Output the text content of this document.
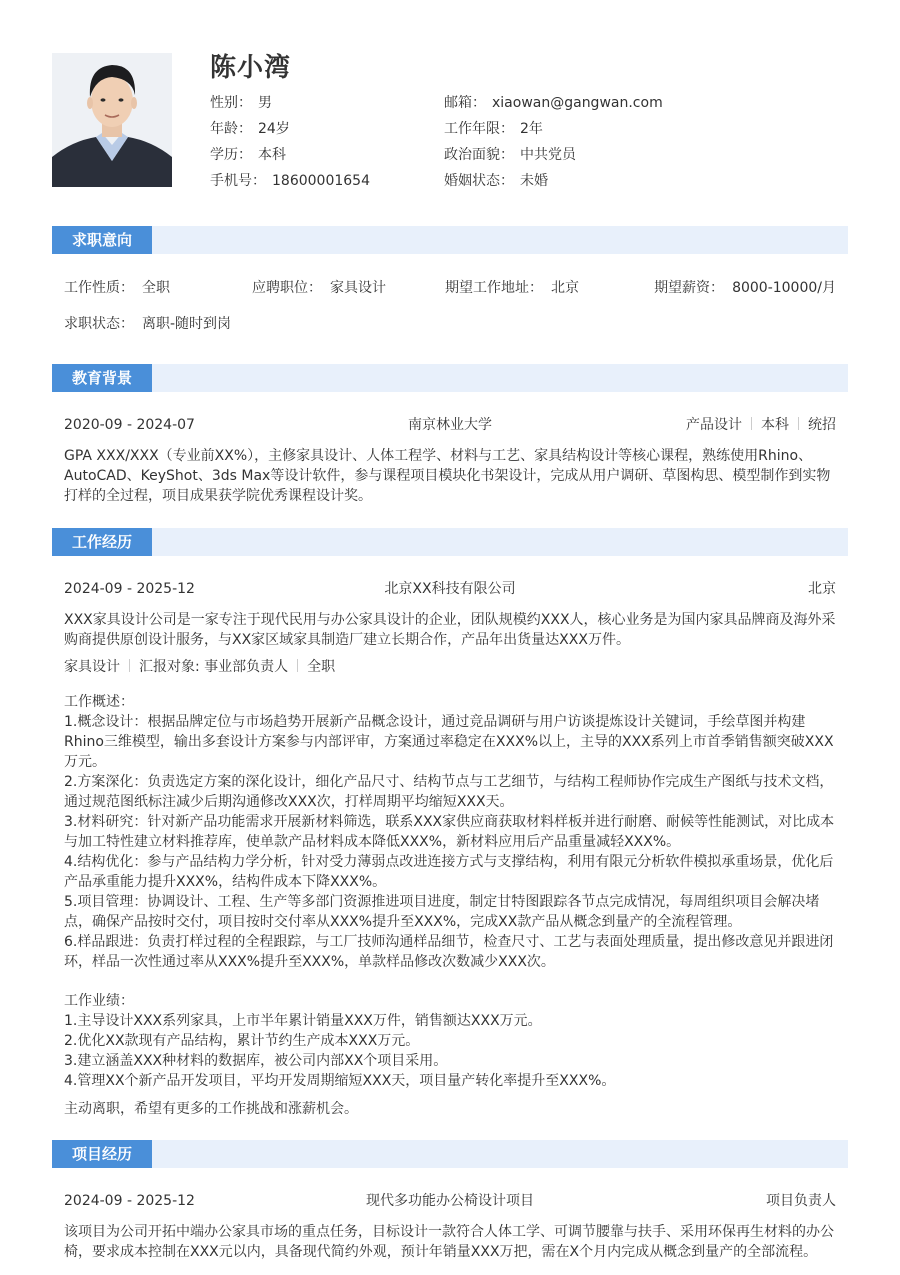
陈小湾
性别： 男	邮箱： xiaowan@gangwan.com
年龄： 24岁	工作年限： 2年
学历： 本科	政治面貌： 中共党员
手机号： 18600001654	婚姻状态： 未婚
求职意向
工作性质： 全职	应聘职位： 家具设计	期望工作地址： 北京	期望薪资： 8000-10000/月
求职状态： 离职-随时到岗
教育背景
2020-09 - 2024-07	南京林业大学	产品设计 本科 统招
GPA XXX/XXX（专业前XX%），主修家具设计、人体工程学、材料与工艺、家具结构设计等核心课程，熟练使用Rhino、AutoCAD、KeyShot、3ds Max等设计软件，参与课程项目模块化书架设计，完成从用户调研、草图构思、模型制作到实物打样的全过程，项目成果获学院优秀课程设计奖。
工作经历
2024-09 - 2025-12	北京XX科技有限公司	北京
XXX家具设计公司是一家专注于现代民用与办公家具设计的企业，团队规模约XXX人，核心业务是为国内家具品牌商及海外采购商提供原创设计服务，与XX家区域家具制造厂建立长期合作，产品年出货量达XXX万件。
家具设计 汇报对象: 事业部负责人 全职
工作概述：
1.概念设计：根据品牌定位与市场趋势开展新产品概念设计，通过竞品调研与用户访谈提炼设计关键词，手绘草图并构建Rhino三维模型，输出多套设计方案参与内部评审，方案通过率稳定在XXX%以上，主导的XXX系列上市首季销售额突破XXX万元。
2.方案深化：负责选定方案的深化设计，细化产品尺寸、结构节点与工艺细节，与结构工程师协作完成生产图纸与技术文档，通过规范图纸标注减少后期沟通修改XXX次，打样周期平均缩短XXX天。
3.材料研究：针对新产品功能需求开展新材料筛选，联系XXX家供应商获取材料样板并进行耐磨、耐候等性能测试，对比成本与加工特性建立材料推荐库，使单款产品材料成本降低XXX%，新材料应用后产品重量减轻XXX%。
4.结构优化：参与产品结构力学分析，针对受力薄弱点改进连接方式与支撑结构，利用有限元分析软件模拟承重场景，优化后产品承重能力提升XXX%，结构件成本下降XXX%。
5.项目管理：协调设计、工程、生产等多部门资源推进项目进度，制定甘特图跟踪各节点完成情况，每周组织项目会解决堵点，确保产品按时交付，项目按时交付率从XXX%提升至XXX%，完成XX款产品从概念到量产的全流程管理。
6.样品跟进：负责打样过程的全程跟踪，与工厂技师沟通样品细节，检查尺寸、工艺与表面处理质量，提出修改意见并跟进闭环，样品一次性通过率从XXX%提升至XXX%，单款样品修改次数减少XXX次。
工作业绩：
1.主导设计XXX系列家具，上市半年累计销量XXX万件，销售额达XXX万元。
2.优化XX款现有产品结构，累计节约生产成本XXX万元。
3.建立涵盖XXX种材料的数据库，被公司内部XX个项目采用。
4.管理XX个新产品开发项目，平均开发周期缩短XXX天，项目量产转化率提升至XXX%。
主动离职，希望有更多的工作挑战和涨薪机会。
项目经历
2024-09 - 2025-12	现代多功能办公椅设计项目	项目负责人
该项目为公司开拓中端办公家具市场的重点任务，目标设计一款符合人体工学、可调节腰靠与扶手、采用环保再生材料的办公椅，要求成本控制在XXX元以内，具备现代简约外观，预计年销量XXX万把，需在X个月内完成从概念到量产的全部流程。
